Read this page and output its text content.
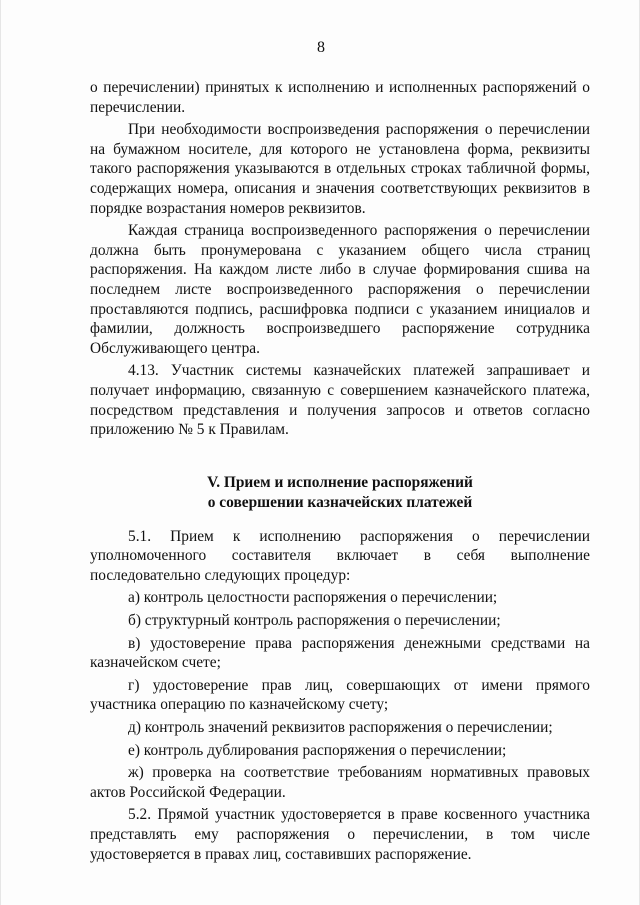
8

о перечислении) принятых к исполнению и исполненных распоряжений о перечислении.

При необходимости воспроизведения распоряжения о перечислении на бумажном носителе, для которого не установлена форма, реквизиты такого распоряжения указываются в отдельных строках табличной формы, содержащих номера, описания и значения соответствующих реквизитов в порядке возрастания номеров реквизитов.

Каждая страница воспроизведенного распоряжения о перечислении должна быть пронумерована с указанием общего числа страниц распоряжения. На каждом листе либо в случае формирования сшива на последнем листе воспроизведенного распоряжения о перечислении проставляются подпись, расшифровка подписи с указанием инициалов и фамилии, должность воспроизведшего распоряжение сотрудника Обслуживающего центра.

4.13. Участник системы казначейских платежей запрашивает и получает информацию, связанную с совершением казначейского платежа, посредством представления и получения запросов и ответов согласно приложению № 5 к Правилам.

V. Прием и исполнение распоряжений
о совершении казначейских платежей

5.1. Прием к исполнению распоряжения о перечислении уполномоченного составителя включает в себя выполнение последовательно следующих процедур:

а) контроль целостности распоряжения о перечислении;

б) структурный контроль распоряжения о перечислении;

в) удостоверение права распоряжения денежными средствами на казначейском счете;

г) удостоверение прав лиц, совершающих от имени прямого участника операцию по казначейскому счету;

д) контроль значений реквизитов распоряжения о перечислении;

е) контроль дублирования распоряжения о перечислении;

ж) проверка на соответствие требованиям нормативных правовых актов Российской Федерации.

5.2. Прямой участник удостоверяется в праве косвенного участника представлять ему распоряжения о перечислении, в том числе удостоверяется в правах лиц, составивших распоряжение.
